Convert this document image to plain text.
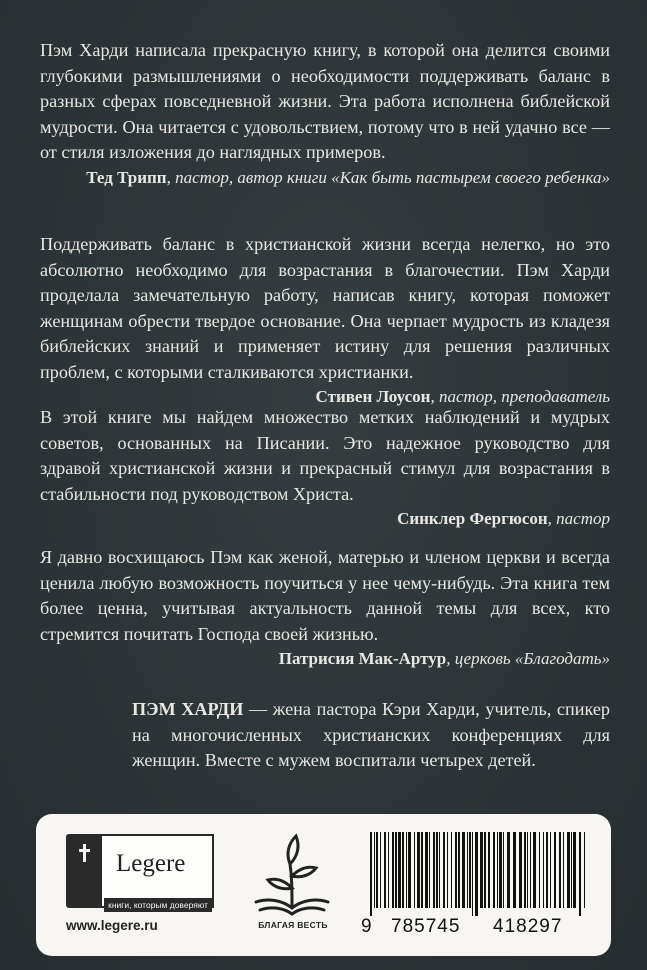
Пэм Харди написала прекрасную книгу, в которой она делится своими глубокими размышлениями о необходимости поддерживать баланс в разных сферах повседневной жизни. Эта работа исполнена библейской мудрости. Она читается с удовольствием, потому что в ней удачно все — от стиля изложения до наглядных примеров.

Тед Трипп, пастор, автор книги «Как быть пастырем своего ребенка»

Поддерживать баланс в христианской жизни всегда нелегко, но это абсолютно необходимо для возрастания в благочестии. Пэм Харди проделала замечательную работу, написав книгу, которая поможет женщинам обрести твердое основание. Она черпает мудрость из кладезя библейских знаний и применяет истину для решения различных проблем, с которыми сталкиваются христианки.

Стивен Лоусон, пастор, преподаватель

В этой книге мы найдем множество метких наблюдений и мудрых советов, основанных на Писании. Это надежное руководство для здравой христианской жизни и прекрасный стимул для возрастания в стабильности под руководством Христа.

Синклер Фергюсон, пастор

Я давно восхищаюсь Пэм как женой, матерью и членом церкви и всегда ценила любую возможность поучиться у нее чему-нибудь. Эта книга тем более ценна, учитывая актуальность данной темы для всех, кто стремится почитать Господа своей жизнью.

Патрисия Мак-Артур, церковь «Благодать»

ПЭМ ХАРДИ — жена пастора Кэри Харди, учитель, спикер на многочисленных христианских конференциях для женщин. Вместе с мужем воспитали четырех детей.
Legere
книги, которым доверяют
www.legere.ru	БЛАГАЯ ВЕСТЬ	9 785745 418297
